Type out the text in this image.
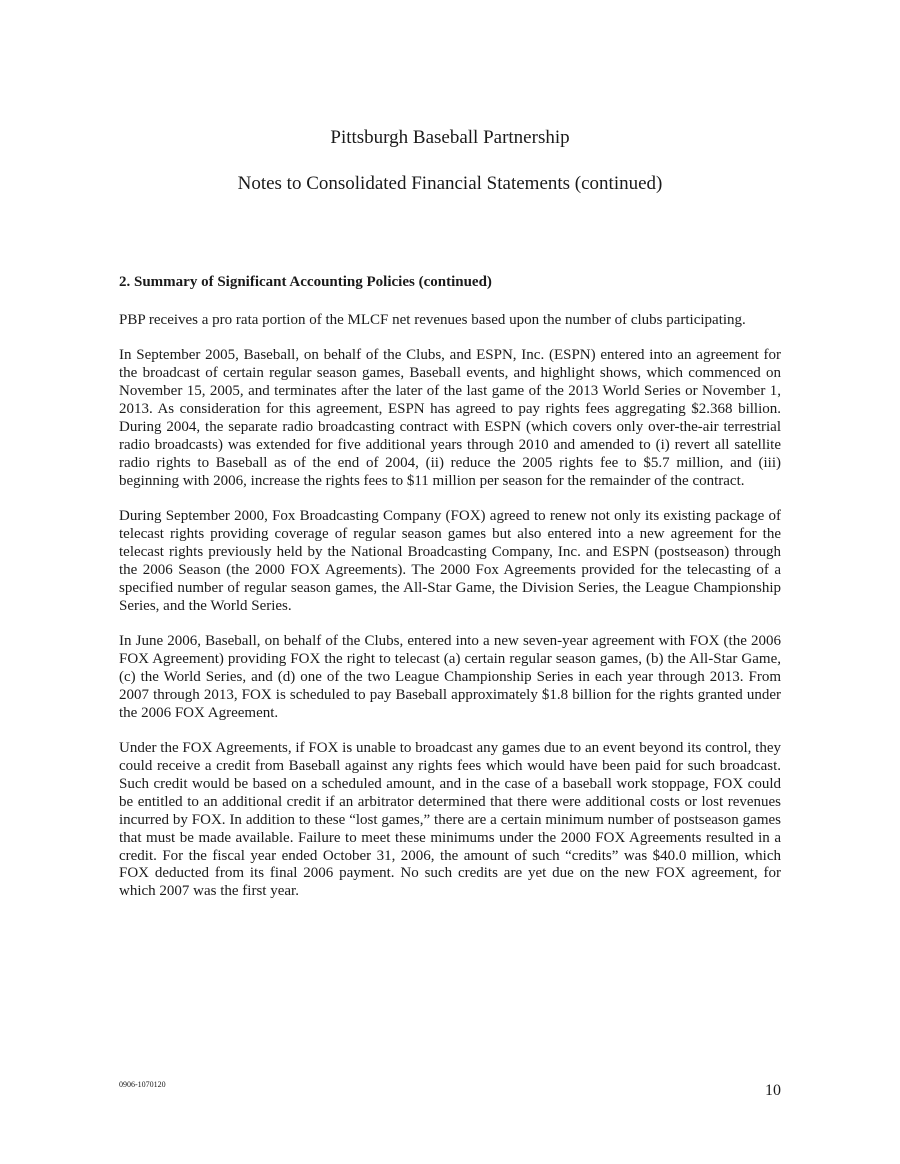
Pittsburgh Baseball Partnership
Notes to Consolidated Financial Statements (continued)
2. Summary of Significant Accounting Policies (continued)

PBP receives a pro rata portion of the MLCF net revenues based upon the number of clubs participating.

In September 2005, Baseball, on behalf of the Clubs, and ESPN, Inc. (ESPN) entered into an agreement for the broadcast of certain regular season games, Baseball events, and highlight shows, which commenced on November 15, 2005, and terminates after the later of the last game of the 2013 World Series or November 1, 2013. As consideration for this agreement, ESPN has agreed to pay rights fees aggregating $2.368 billion. During 2004, the separate radio broadcasting contract with ESPN (which covers only over-the-air terrestrial radio broadcasts) was extended for five additional years through 2010 and amended to (i) revert all satellite radio rights to Baseball as of the end of 2004, (ii) reduce the 2005 rights fee to $5.7 million, and (iii) beginning with 2006, increase the rights fees to $11 million per season for the remainder of the contract.

During September 2000, Fox Broadcasting Company (FOX) agreed to renew not only its existing package of telecast rights providing coverage of regular season games but also entered into a new agreement for the telecast rights previously held by the National Broadcasting Company, Inc. and ESPN (postseason) through the 2006 Season (the 2000 FOX Agreements). The 2000 Fox Agreements provided for the telecasting of a specified number of regular season games, the All-Star Game, the Division Series, the League Championship Series, and the World Series.

In June 2006, Baseball, on behalf of the Clubs, entered into a new seven-year agreement with FOX (the 2006 FOX Agreement) providing FOX the right to telecast (a) certain regular season games, (b) the All-Star Game, (c) the World Series, and (d) one of the two League Championship Series in each year through 2013. From 2007 through 2013, FOX is scheduled to pay Baseball approximately $1.8 billion for the rights granted under the 2006 FOX Agreement.

Under the FOX Agreements, if FOX is unable to broadcast any games due to an event beyond its control, they could receive a credit from Baseball against any rights fees which would have been paid for such broadcast. Such credit would be based on a scheduled amount, and in the case of a baseball work stoppage, FOX could be entitled to an additional credit if an arbitrator determined that there were additional costs or lost revenues incurred by FOX. In addition to these “lost games,” there are a certain minimum number of postseason games that must be made available. Failure to meet these minimums under the 2000 FOX Agreements resulted in a credit. For the fiscal year ended October 31, 2006, the amount of such “credits” was $40.0 million, which FOX deducted from its final 2006 payment. No such credits are yet due on the new FOX agreement, for which 2007 was the first year.

0906-1070120	10
